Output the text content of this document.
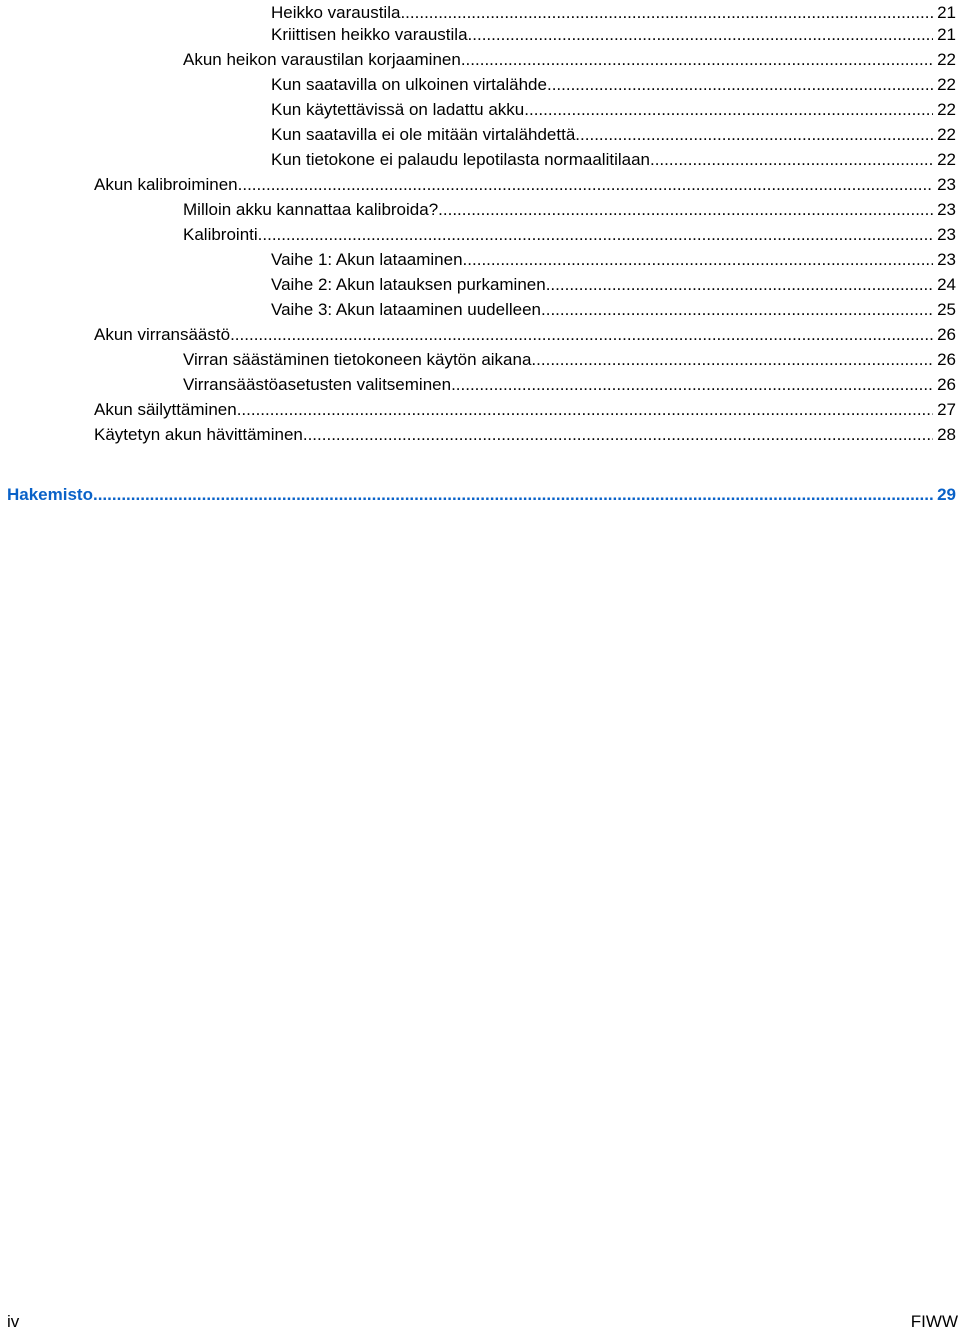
Heikko varaustila .....	21
Kriittisen heikko varaustila .....	21
Akun heikon varaustilan korjaaminen .....	22
Kun saatavilla on ulkoinen virtalähde .....	22
Kun käytettävissä on ladattu akku .....	22
Kun saatavilla ei ole mitään virtalähdettä .....	22
Kun tietokone ei palaudu lepotilasta normaalitilaan .....	22
Akun kalibroiminen .....	23
Milloin akku kannattaa kalibroida? .....	23
Kalibrointi .....	23
Vaihe 1: Akun lataaminen .....	23
Vaihe 2: Akun latauksen purkaminen .....	24
Vaihe 3: Akun lataaminen uudelleen .....	25
Akun virransäästö .....	26
Virran säästäminen tietokoneen käytön aikana .....	26
Virransäästöasetusten valitseminen .....	26
Akun säilyttäminen .....	27
Käytetyn akun hävittäminen .....	28
Hakemisto .....	29
iv	FIWW
